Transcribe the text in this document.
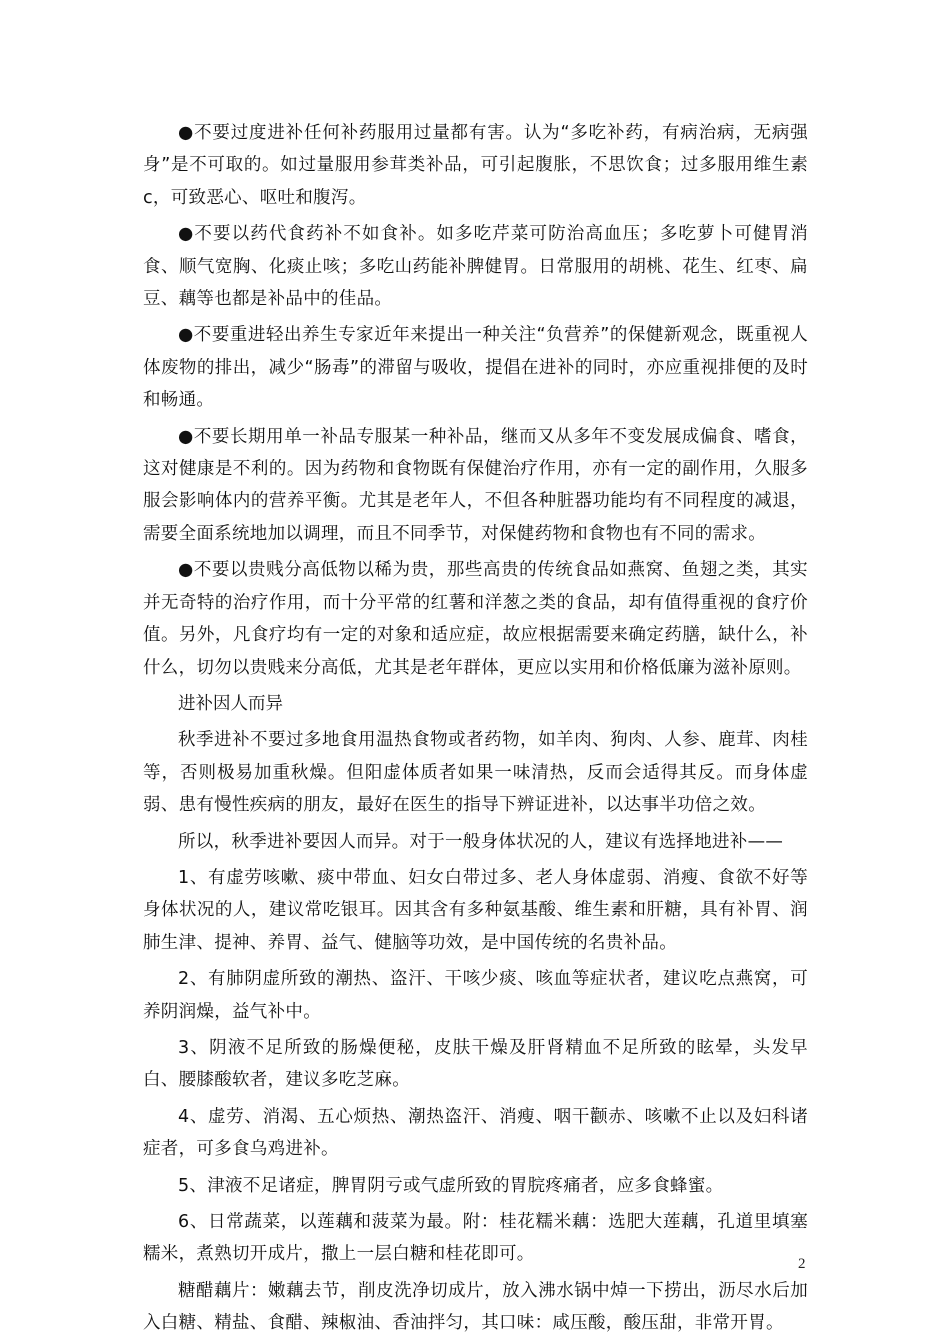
●不要过度进补任何补药服用过量都有害。认为“多吃补药，有病治病，无病强身”是不可取的。如过量服用参茸类补品，可引起腹胀，不思饮食；过多服用维生素c，可致恶心、呕吐和腹泻。

●不要以药代食药补不如食补。如多吃芹菜可防治高血压；多吃萝卜可健胃消食、顺气宽胸、化痰止咳；多吃山药能补脾健胃。日常服用的胡桃、花生、红枣、扁豆、藕等也都是补品中的佳品。

●不要重进轻出养生专家近年来提出一种关注“负营养”的保健新观念，既重视人体废物的排出，减少“肠毒”的滞留与吸收，提倡在进补的同时，亦应重视排便的及时和畅通。

●不要长期用单一补品专服某一种补品，继而又从多年不变发展成偏食、嗜食，这对健康是不利的。因为药物和食物既有保健治疗作用，亦有一定的副作用，久服多服会影响体内的营养平衡。尤其是老年人，不但各种脏器功能均有不同程度的减退，需要全面系统地加以调理，而且不同季节，对保健药物和食物也有不同的需求。

●不要以贵贱分高低物以稀为贵，那些高贵的传统食品如燕窝、鱼翅之类，其实并无奇特的治疗作用，而十分平常的红薯和洋葱之类的食品，却有值得重视的食疗价值。另外，凡食疗均有一定的对象和适应症，故应根据需要来确定药膳，缺什么，补什么，切勿以贵贱来分高低，尤其是老年群体，更应以实用和价格低廉为滋补原则。

进补因人而异

秋季进补不要过多地食用温热食物或者药物，如羊肉、狗肉、人参、鹿茸、肉桂等，否则极易加重秋燥。但阳虚体质者如果一味清热，反而会适得其反。而身体虚弱、患有慢性疾病的朋友，最好在医生的指导下辨证进补，以达事半功倍之效。

所以，秋季进补要因人而异。对于一般身体状况的人，建议有选择地进补——

1、有虚劳咳嗽、痰中带血、妇女白带过多、老人身体虚弱、消瘦、食欲不好等身体状况的人，建议常吃银耳。因其含有多种氨基酸、维生素和肝糖，具有补胃、润肺生津、提神、养胃、益气、健脑等功效，是中国传统的名贵补品。

2、有肺阴虚所致的潮热、盗汗、干咳少痰、咳血等症状者，建议吃点燕窝，可养阴润燥，益气补中。

3、阴液不足所致的肠燥便秘，皮肤干燥及肝肾精血不足所致的眩晕，头发早白、腰膝酸软者，建议多吃芝麻。

4、虚劳、消渴、五心烦热、潮热盗汗、消瘦、咽干颧赤、咳嗽不止以及妇科诸症者，可多食乌鸡进补。

5、津液不足诸症，脾胃阴亏或气虚所致的胃脘疼痛者，应多食蜂蜜。

6、日常蔬菜，以莲藕和菠菜为最。附：桂花糯米藕：选肥大莲藕，孔道里填塞糯米，煮熟切开成片，撒上一层白糖和桂花即可。

糖醋藕片：嫩藕去节，削皮洗净切成片，放入沸水锅中焯一下捞出，沥尽水后加入白糖、精盐、食醋、辣椒油、香油拌匀，其口味：咸压酸，酸压甜，非常开胃。

2
